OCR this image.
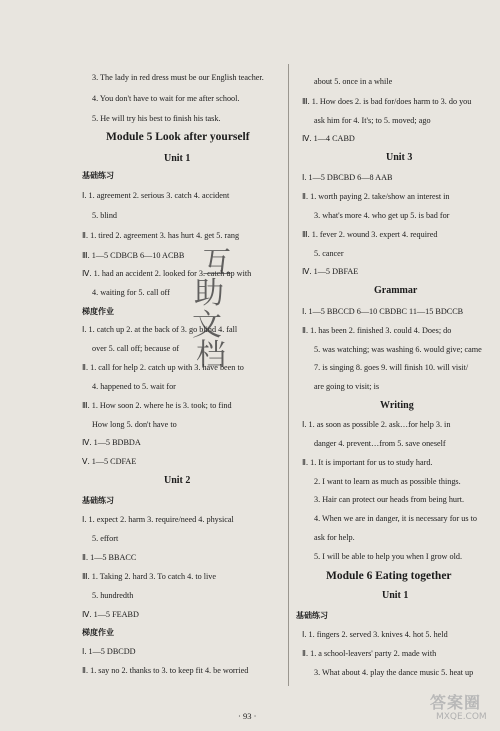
3. The lady in red dress must be our English teacher.
4. You don't have to wait for me after school.
5. He will try his best to finish his task.
Module 5 Look after yourself
Unit 1
基础练习
Ⅰ. 1. agreement 2. serious 3. catch 4. accident
5. blind
Ⅱ. 1. tired 2. agreement 3. has hurt 4. get 5. rang
Ⅲ. 1—5 CDBCB 6—10 ACBB
Ⅳ. 1. had an accident 2. looked for 3. catch up with
4. waiting for 5. call off
梯度作业
Ⅰ. 1. catch up 2. at the back of 3. go blind 4. fall
over 5. call off; because of
Ⅱ. 1. call for help 2. catch up with 3. have been to
4. happened to 5. wait for
Ⅲ. 1. How soon 2. where he is 3. took; to find
How long 5. don't have to
Ⅳ. 1—5 BDBDA
Ⅴ. 1—5 CDFAE
Unit 2
基础练习
Ⅰ. 1. expect 2. harm 3. require/need 4. physical
5. effort
Ⅱ. 1—5 BBACC
Ⅲ. 1. Taking 2. hard 3. To catch 4. to live
5. hundredth
Ⅳ. 1—5 FEABD
梯度作业
Ⅰ. 1—5 DBCDD
Ⅱ. 1. say no 2. thanks to 3. to keep fit 4. be worried
about 5. once in a while
Ⅲ. 1. How does 2. is bad for/does harm to 3. do you
ask him for 4. It's; to 5. moved; ago
Ⅳ. 1—4 CABD
Unit 3
Ⅰ. 1—5 DBCBD 6—8 AAB
Ⅱ. 1. worth paying 2. take/show an interest in
3. what's more 4. who get up 5. is bad for
Ⅲ. 1. fever 2. wound 3. expert 4. required
5. cancer
Ⅳ. 1—5 DBFAE
Grammar
Ⅰ. 1—5 BBCCD 6—10 CBDBC 11—15 BDCCB
Ⅱ. 1. has been 2. finished 3. could 4. Does; do
5. was watching; was washing 6. would give; came
7. is singing 8. goes 9. will finish 10. will visit/
are going to visit; is
Writing
Ⅰ. 1. as soon as possible 2. ask…for help 3. in
danger 4. prevent…from 5. save oneself
Ⅱ. 1. It is important for us to study hard.
2. I want to learn as much as possible things.
3. Hair can protect our heads from being hurt.
4. When we are in danger, it is necessary for us to
ask for help.
5. I will be able to help you when I grow old.
Module 6 Eating together
Unit 1
基础练习
Ⅰ. 1. fingers 2. served 3. knives 4. hot 5. held
Ⅱ. 1. a school-leavers' party 2. made with
3. What about 4. play the dance music 5. heat up
互
助
文
档
· 93 ·
答案圈
MXQE.COM
